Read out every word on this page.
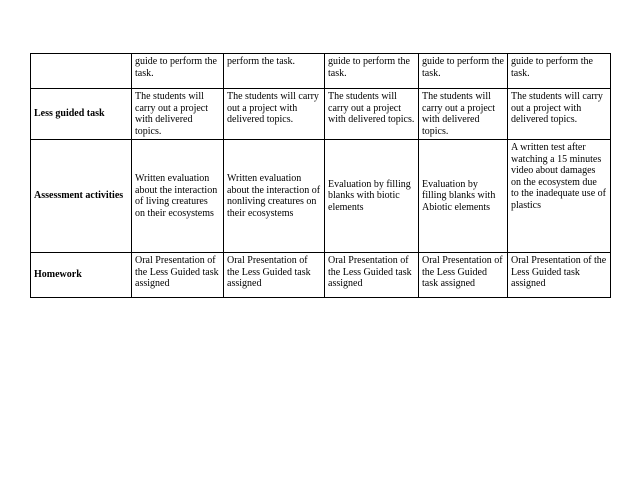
	guide to perform the task.	perform the task.	guide to perform the task.	guide to perform the task.	guide to perform the task.
Less guided task	The students will carry out a project with delivered topics.	The students will carry out a project with delivered topics.	The students will carry out a project with delivered topics.	The students will carry out a project with delivered topics.	The students will carry out a project with delivered topics.
Assessment activities	Written evaluation about the interaction of living creatures on their ecosystems	Written evaluation about the interaction of nonliving creatures on their ecosystems	Evaluation by filling blanks with biotic elements	Evaluation by filling blanks with Abiotic elements	A written test after watching a 15 minutes video about damages on the ecosystem due to the inadequate use of plastics
Homework	Oral Presentation of the Less Guided task assigned	Oral Presentation of the Less Guided task assigned	Oral Presentation of the Less Guided task assigned	Oral Presentation of the Less Guided task assigned	Oral Presentation of the Less Guided task assigned
